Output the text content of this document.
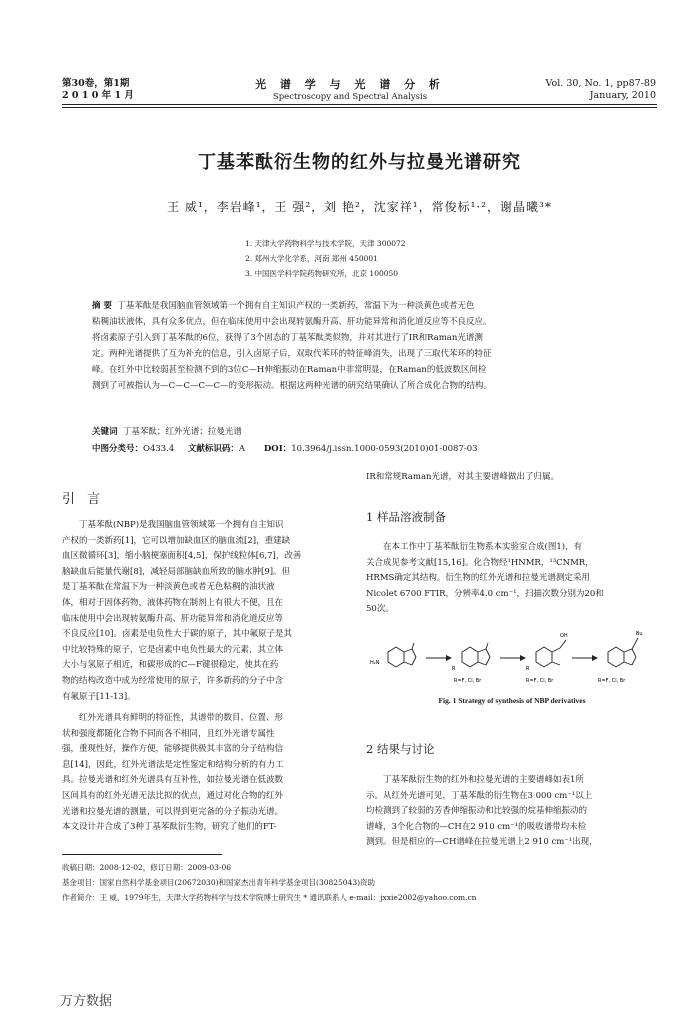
第30卷，第1期
2 0 1 0 年 1 月
光 谱 学 与 光 谱 分 析
Spectroscopy and Spectral Analysis
Vol. 30, No. 1, pp87-89
January, 2010
丁基苯酞衍生物的红外与拉曼光谱研究
王 威¹，李岩峰¹，王 强²，刘 艳²，沈家祥¹，常俊标¹·²，谢晶曦³*
1. 天津大学药物科学与技术学院，天津 300072
2. 郑州大学化学系，河南 郑州 450001
3. 中国医学科学院药物研究所，北京 100050
摘 要 丁基苯酞是我国脑血管领域第一个拥有自主知识产权的一类新药，常温下为一种淡黄色或者无色
粘稠油状液体，具有众多优点，但在临床使用中会出现转氨酶升高、肝功能异常和消化道反应等不良反应。
将卤素原子引入到丁基苯酞的6位，获得了3个固态的丁基苯酞类似物，并对其进行了IR和Raman光谱测
定。两种光谱提供了互为补充的信息，引入卤原子后，双取代苯环的特征峰消失，出现了三取代苯环的特征
峰。在红外中比较弱甚至检测不到的3位C—H伸缩振动在Raman中非常明显，在Raman的低波数区间检
测到了可被指认为—C—C—C—C—的变形振动。根据这两种光谱的研究结果确认了所合成化合物的结构。
关键词 丁基苯酞；红外光谱；拉曼光谱
中图分类号：O433.4 文献标识码：A DOI：10.3964/j.issn.1000-0593(2010)01-0087-03
引 言
丁基苯酞(NBP)是我国脑血管领域第一个拥有自主知识
产权的一类新药[1]，它可以增加缺血区的脑血流[2]，重建缺
血区微循环[3]，缩小脑梗塞面积[4,5]，保护线粒体[6,7]，改善
脑缺血后能量代谢[8]，减轻局部脑缺血所致的脑水肿[9]。但
是丁基苯酞在常温下为一种淡黄色或者无色粘稠的油状液
体，相对于固体药物，液体药物在制剂上有很大不便，且在
临床使用中会出现转氨酶升高、肝功能异常和消化道反应等
不良反应[10]。卤素是电负性大于碳的原子，其中氟原子是其
中比较特殊的原子，它是卤素中电负性最大的元素，其立体
大小与氢原子相近，和碳形成的C—F键很稳定，使其在药
物的结构改造中成为经常使用的原子，许多新药的分子中含
有氟原子[11-13]。
红外光谱具有鲜明的特征性，其谱带的数目、位置、形
状和强度都随化合物不同而各不相同，且红外光谱专属性
强，重现性好，操作方便，能够提供极其丰富的分子结构信
息[14]，因此，红外光谱法是定性鉴定和结构分析的有力工
具。拉曼光谱和红外光谱具有互补性，如拉曼光谱在低波数
区间具有的红外光谱无法比拟的优点，通过对化合物的红外
光谱和拉曼光谱的测量，可以得到更完备的分子振动光谱。
本文设计并合成了3种丁基苯酞衍生物，研究了他们的FT-
IR和常规Raman光谱，对其主要谱峰做出了归属。
1 样品溶液制备
在本工作中丁基苯酞衍生物系本实验室合成(图1)，有
关合成见参考文献[15,16]。化合物经¹HNMR，¹³CNMR，
HRMS确定其结构。衍生物的红外光谱和拉曼光谱测定采用
Nicolet 6700 FTIR，分辨率4.0 cm⁻¹，扫描次数分别为20和
50次。
OH	Bu
H₂N
R	R
R=F, Cl, Br	R=F, Cl, Br	R=F, Cl, Br
Fig. 1 Strategy of synthesis of NBP derivatives
2 结果与讨论
丁基苯酞衍生物的红外和拉曼光谱的主要谱峰如表1所
示。从红外光谱可见，丁基苯酞的衍生物在3 000 cm⁻¹以上
均检测到了较弱的芳香伸缩振动和比较强的烷基伸缩振动的
谱峰，3个化合物的—CH在2 910 cm⁻¹的吸收谱带均未检
测到。但是相应的—CH谱峰在拉曼光谱上2 910 cm⁻¹出现，
收稿日期：2008-12-02，修订日期：2009-03-06
基金项目：国家自然科学基金项目(20672030)和国家杰出青年科学基金项目(30825043)资助
作者简介：王 威，1979年生，天津大学药物科学与技术学院博士研究生 * 通讯联系人 e-mail：jxxie2002@yahoo.com.cn
万方数据
